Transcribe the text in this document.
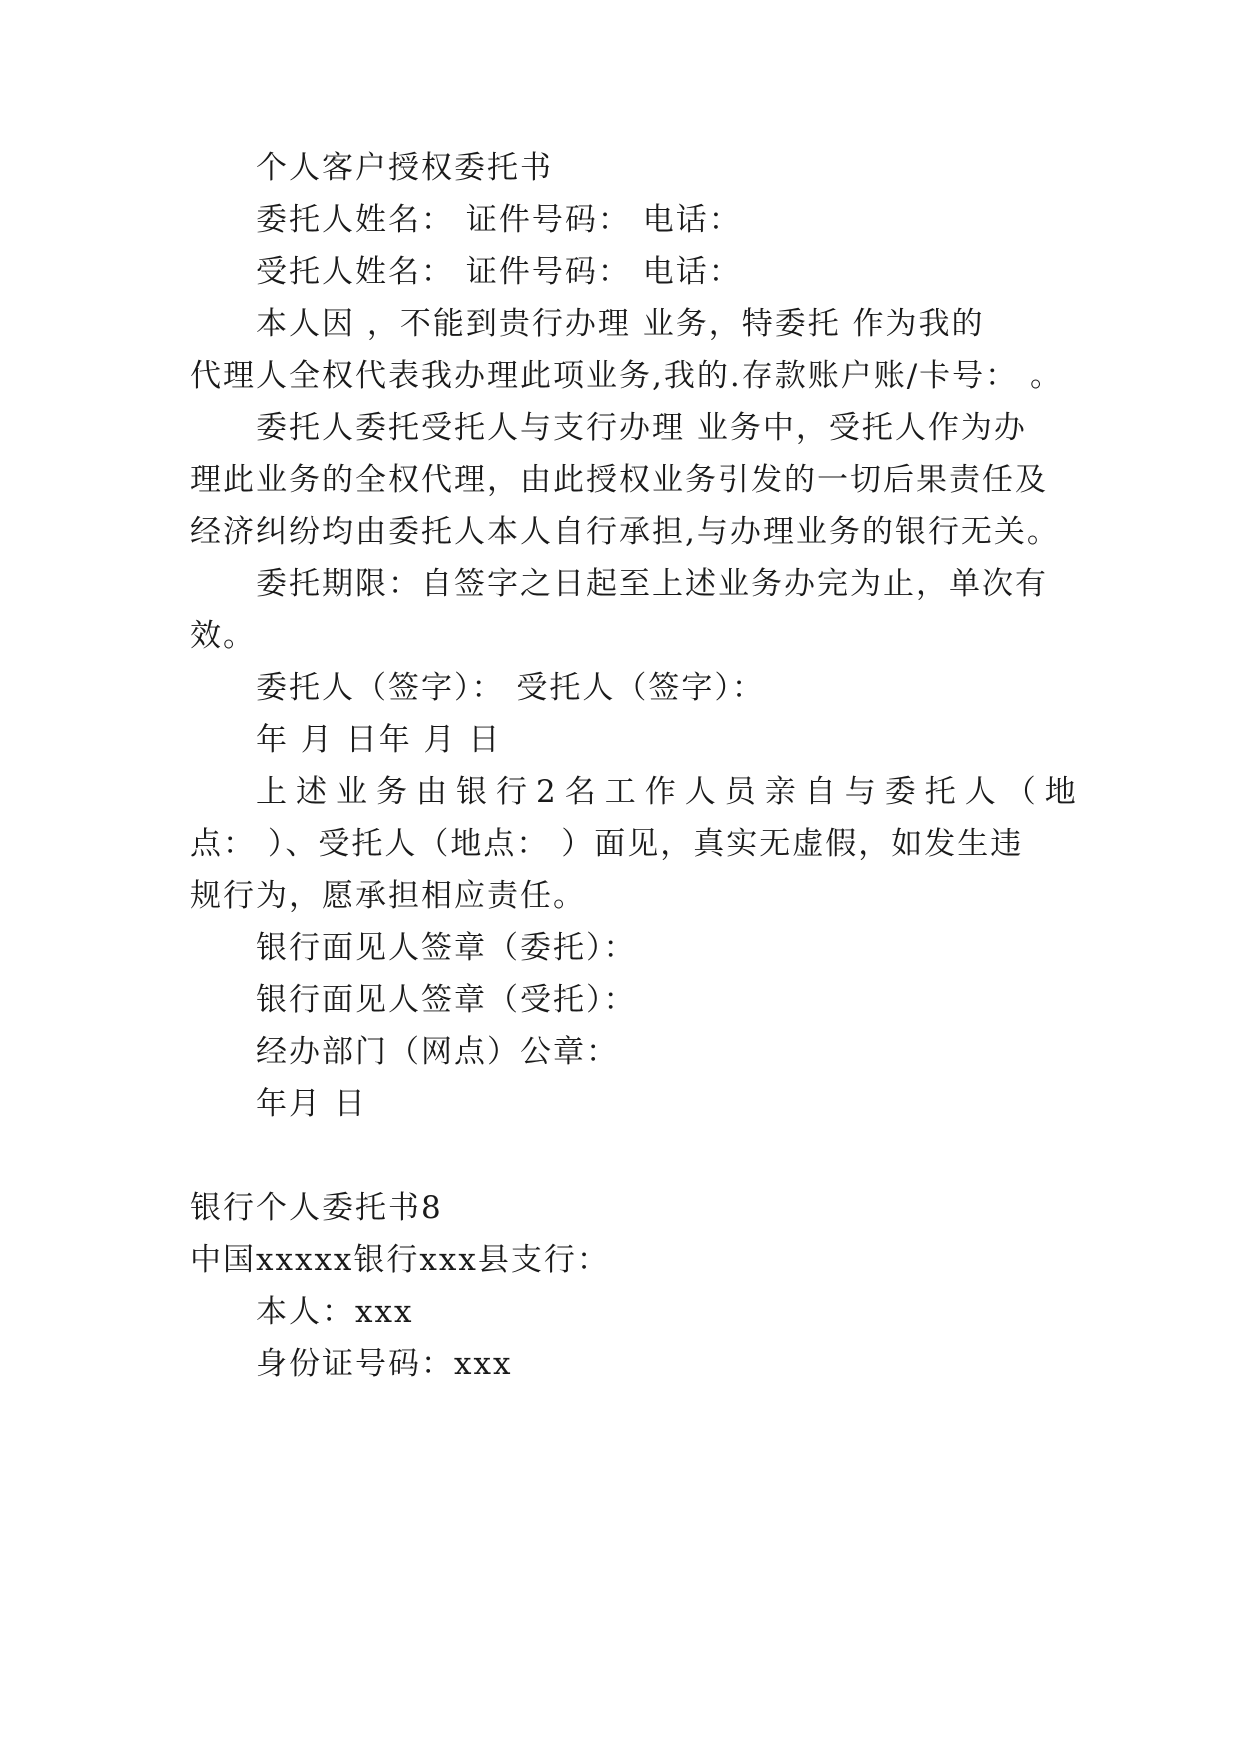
个人客户授权委托书
委托人姓名： 证件号码： 电话：
受托人姓名： 证件号码： 电话：
本人因 ，不能到贵行办理 业务，特委托 作为我的
代理人全权代表我办理此项业务,我的.存款账户账/卡号： 。
委托人委托受托人与支行办理 业务中，受托人作为办
理此业务的全权代理，由此授权业务引发的一切后果责任及
经济纠纷均由委托人本人自行承担,与办理业务的银行无关。
委托期限：自签字之日起至上述业务办完为止，单次有
效。
委托人（签字）： 受托人（签字）：
年 月 日年 月 日
上述业务由银行2名工作人员亲自与委托人（地
点： ）、受托人（地点： ）面见，真实无虚假，如发生违
规行为，愿承担相应责任。
银行面见人签章（委托）：
银行面见人签章（受托）：
经办部门（网点）公章：
年月 日
银行个人委托书8
中国xxxxx银行xxx县支行：
本人：xxx
身份证号码：xxx
